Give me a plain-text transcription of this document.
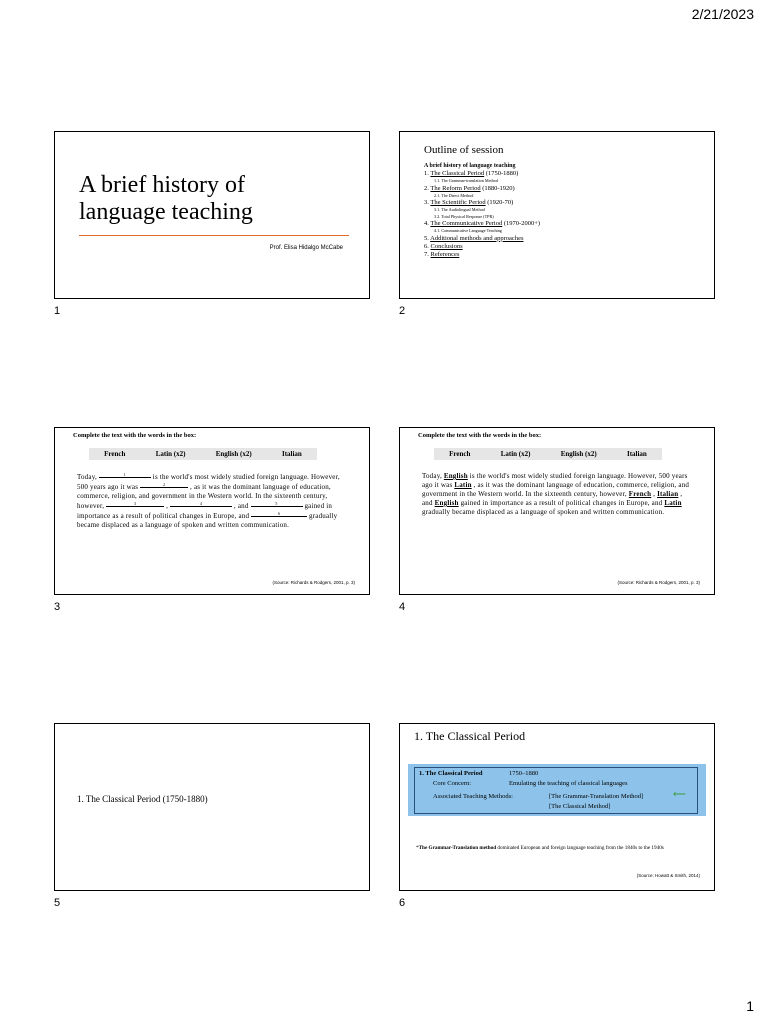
2/21/2023
A brief history of
language teaching
Prof. Elisa Hidalgo McCabe
1
Outline of session
A brief history of language teaching
1. The Classical Period (1750-1880)
1.1. The Grammar-translation Method
2. The Reform Period (1880-1920)
2.1. The Direct Method
3. The Scientific Period (1920-70)
3.1. The Audiolingual Method
3.2. Total Physical Response (TPR)
4. The Communicative Period (1970-2000+)
4.1. Communicative Language Teaching
5. Additional methods and approaches
6. Conclusions
7. References
2
Complete the text with the words in the box:
French	Latin (x2)	English (x2)	Italian
Today,	1	is the world's most widely studied foreign language. However, 500 years ago it was	2	, as it was the dominant language of education, commerce, religion, and government in the Western world. In the sixteenth century, however,	3	,	4	, and	5	gained in importance as a result of political changes in Europe, and	6	gradually became displaced as a language of spoken and written communication.
(Source: Richards & Rodgers, 2001, p. 3)
3
Complete the text with the words in the box:
French	Latin (x2)	English (x2)	Italian
Today, English is the world's most widely studied foreign language. However, 500 years ago it was Latin , as it was the dominant language of education, commerce, religion, and government in the Western world. In the sixteenth century, however, French , Italian , and English gained in importance as a result of political changes in Europe, and Latin gradually became displaced as a language of spoken and written communication.
(Source: Richards & Rodgers, 2001, p. 3)
4
1. The Classical Period (1750-1880)
5
1. The Classical Period
1. The Classical Period	1750–1880
Core Concern:	Emulating the teaching of classical languages
Associated Teaching Methods:	[The Grammar-Translation Method]
[The Classical Method]
⟵
*The Grammar-Translation method dominated European and foreign language teaching from the 1840s to the 1940s
(Source: Howatt & Smith, 2014)
6
1
